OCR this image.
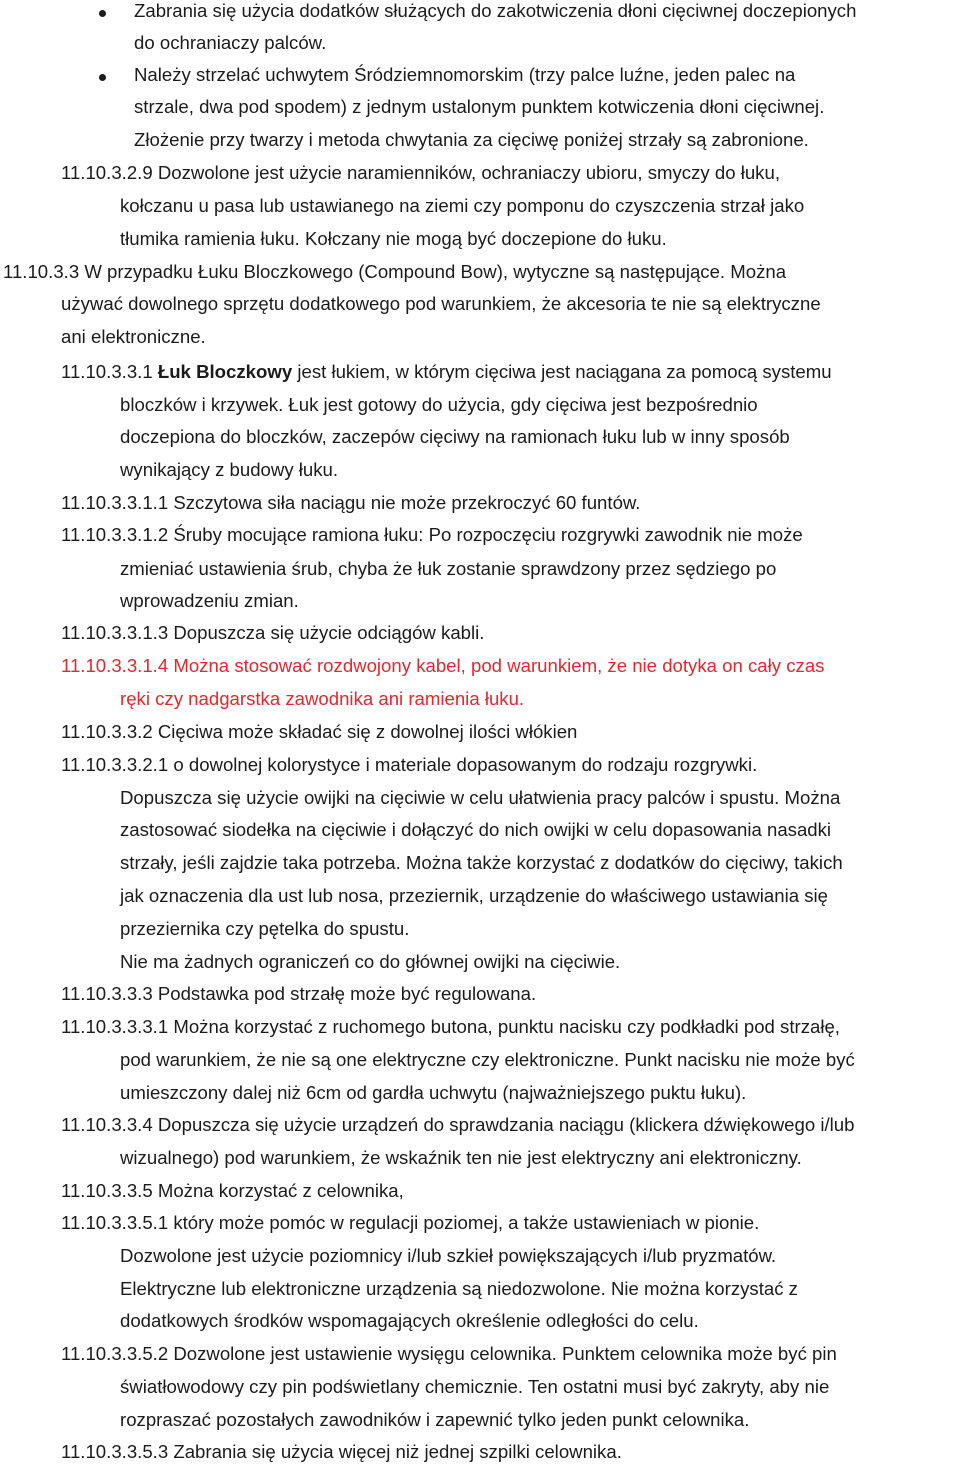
Zabrania się użycia dodatków służących do zakotwiczenia dłoni cięciwnej doczepionych
do ochraniaczy palców.
Należy strzelać uchwytem Śródziemnomorskim (trzy palce luźne, jeden palec na
strzale, dwa pod spodem) z jednym ustalonym punktem kotwiczenia dłoni cięciwnej.
Złożenie przy twarzy i metoda chwytania za cięciwę poniżej strzały są zabronione.
11.10.3.2.9 Dozwolone jest użycie naramienników, ochraniaczy ubioru, smyczy do łuku,
kołczanu u pasa lub ustawianego na ziemi czy pomponu do czyszczenia strzał jako
tłumika ramienia łuku. Kołczany nie mogą być doczepione do łuku.
11.10.3.3 W przypadku Łuku Bloczkowego (Compound Bow), wytyczne są następujące. Można
używać dowolnego sprzętu dodatkowego pod warunkiem, że akcesoria te nie są elektryczne
ani elektroniczne.
11.10.3.3.1 Łuk Bloczkowy jest łukiem, w którym cięciwa jest naciągana za pomocą systemu
bloczków i krzywek. Łuk jest gotowy do użycia, gdy cięciwa jest bezpośrednio
doczepiona do bloczków, zaczepów cięciwy na ramionach łuku lub w inny sposób
wynikający z budowy łuku.
11.10.3.3.1.1 Szczytowa siła naciągu nie może przekroczyć 60 funtów.
11.10.3.3.1.2 Śruby mocujące ramiona łuku: Po rozpoczęciu rozgrywki zawodnik nie może
zmieniać ustawienia śrub, chyba że łuk zostanie sprawdzony przez sędziego po
wprowadzeniu zmian.
11.10.3.3.1.3 Dopuszcza się użycie odciągów kabli.
11.10.3.3.1.4 Można stosować rozdwojony kabel, pod warunkiem, że nie dotyka on cały czas
ręki czy nadgarstka zawodnika ani ramienia łuku.
11.10.3.3.2 Cięciwa może składać się z dowolnej ilości włókien
11.10.3.3.2.1 o dowolnej kolorystyce i materiale dopasowanym do rodzaju rozgrywki.
Dopuszcza się użycie owijki na cięciwie w celu ułatwienia pracy palców i spustu. Można
zastosować siodełka na cięciwie i dołączyć do nich owijki w celu dopasowania nasadki
strzały, jeśli zajdzie taka potrzeba. Można także korzystać z dodatków do cięciwy, takich
jak oznaczenia dla ust lub nosa, przeziernik, urządzenie do właściwego ustawiania się
przeziernika czy pętelka do spustu.
Nie ma żadnych ograniczeń co do głównej owijki na cięciwie.
11.10.3.3.3 Podstawka pod strzałę może być regulowana.
11.10.3.3.3.1 Można korzystać z ruchomego butona, punktu nacisku czy podkładki pod strzałę,
pod warunkiem, że nie są one elektryczne czy elektroniczne. Punkt nacisku nie może być
umieszczony dalej niż 6cm od gardła uchwytu (najważniejszego puktu łuku).
11.10.3.3.4 Dopuszcza się użycie urządzeń do sprawdzania naciągu (klickera dźwiękowego i/lub
wizualnego) pod warunkiem, że wskaźnik ten nie jest elektryczny ani elektroniczny.
11.10.3.3.5 Można korzystać z celownika,
11.10.3.3.5.1 który może pomóc w regulacji poziomej, a także ustawieniach w pionie.
Dozwolone jest użycie poziomnicy i/lub szkieł powiększających i/lub pryzmatów.
Elektryczne lub elektroniczne urządzenia są niedozwolone. Nie można korzystać z
dodatkowych środków wspomagających określenie odległości do celu.
11.10.3.3.5.2 Dozwolone jest ustawienie wysięgu celownika. Punktem celownika może być pin
światłowodowy czy pin podświetlany chemicznie. Ten ostatni musi być zakryty, aby nie
rozpraszać pozostałych zawodników i zapewnić tylko jeden punkt celownika.
11.10.3.3.5.3 Zabrania się użycia więcej niż jednej szpilki celownika.
